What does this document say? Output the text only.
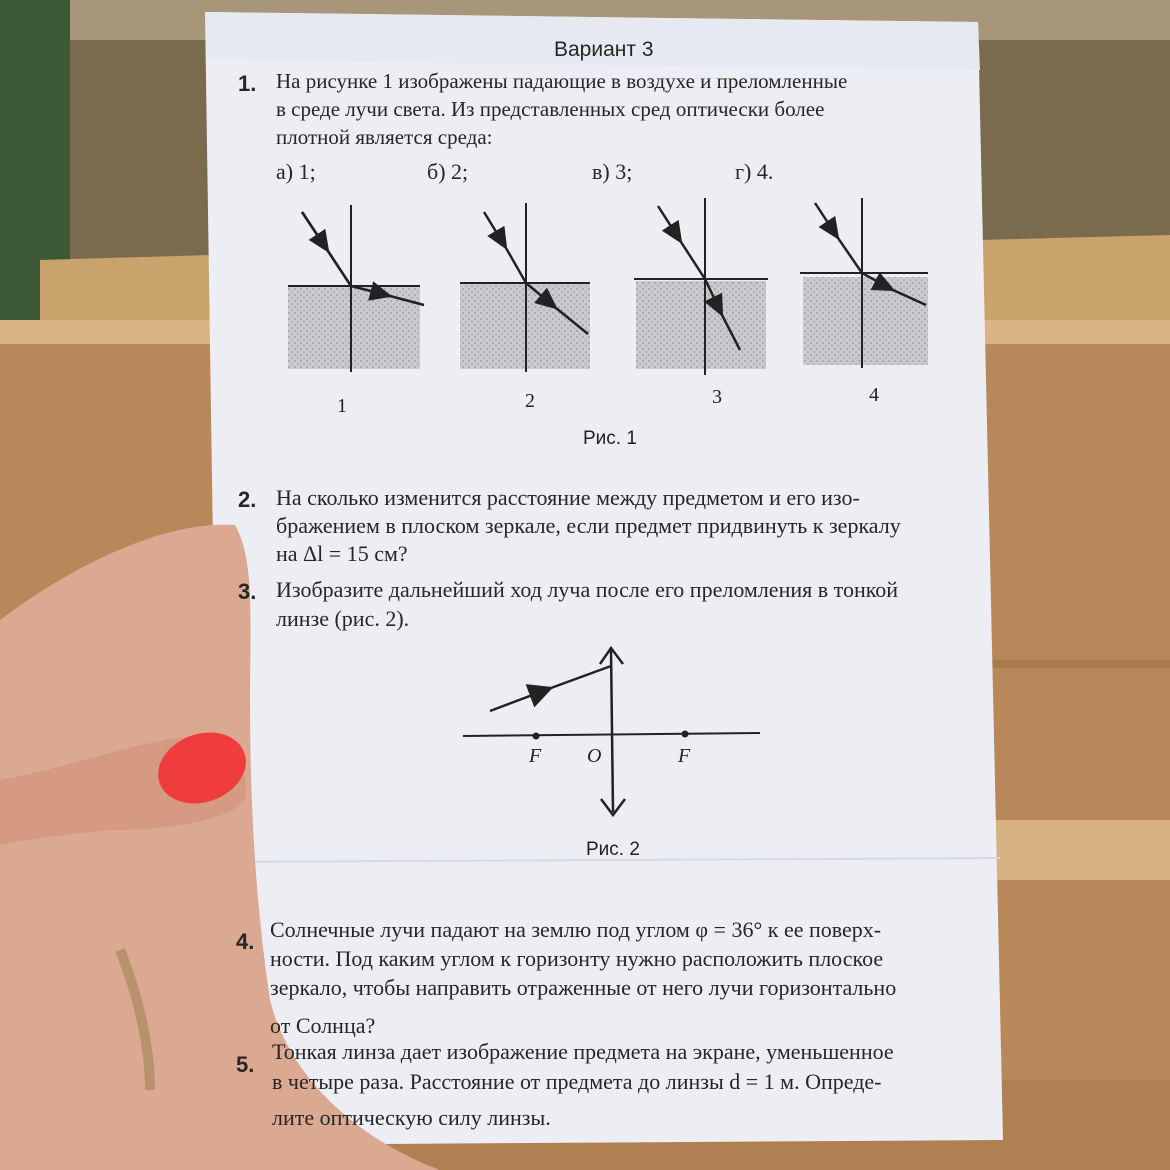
Вариант 3
1. На рисунке 1 изображены падающие в воздухе и преломленные
в среде лучи света. Из представленных сред оптически более
плотной является среда:
а) 1;	б) 2;	в) 3;	г) 4.
1	2	3	4
Рис. 1
2. На сколько изменится расстояние между предметом и его изо-
бражением в плоском зеркале, если предмет придвинуть к зеркалу
на Δl = 15 см?
3. Изобразите дальнейший ход луча после его преломления в тонкой
линзе (рис. 2).
F O	F
Рис. 2
4. Солнечные лучи падают на землю под углом φ = 36° к ее поверх-
ности. Под каким углом к горизонту нужно расположить плоское
зеркало, чтобы направить отраженные от него лучи горизонтально
от Солнца?
5.
Тонкая линза дает изображение предмета на экране, уменьшенное
в четыре раза. Расстояние от предмета до линзы d = 1 м. Опреде-
лите оптическую силу линзы.
